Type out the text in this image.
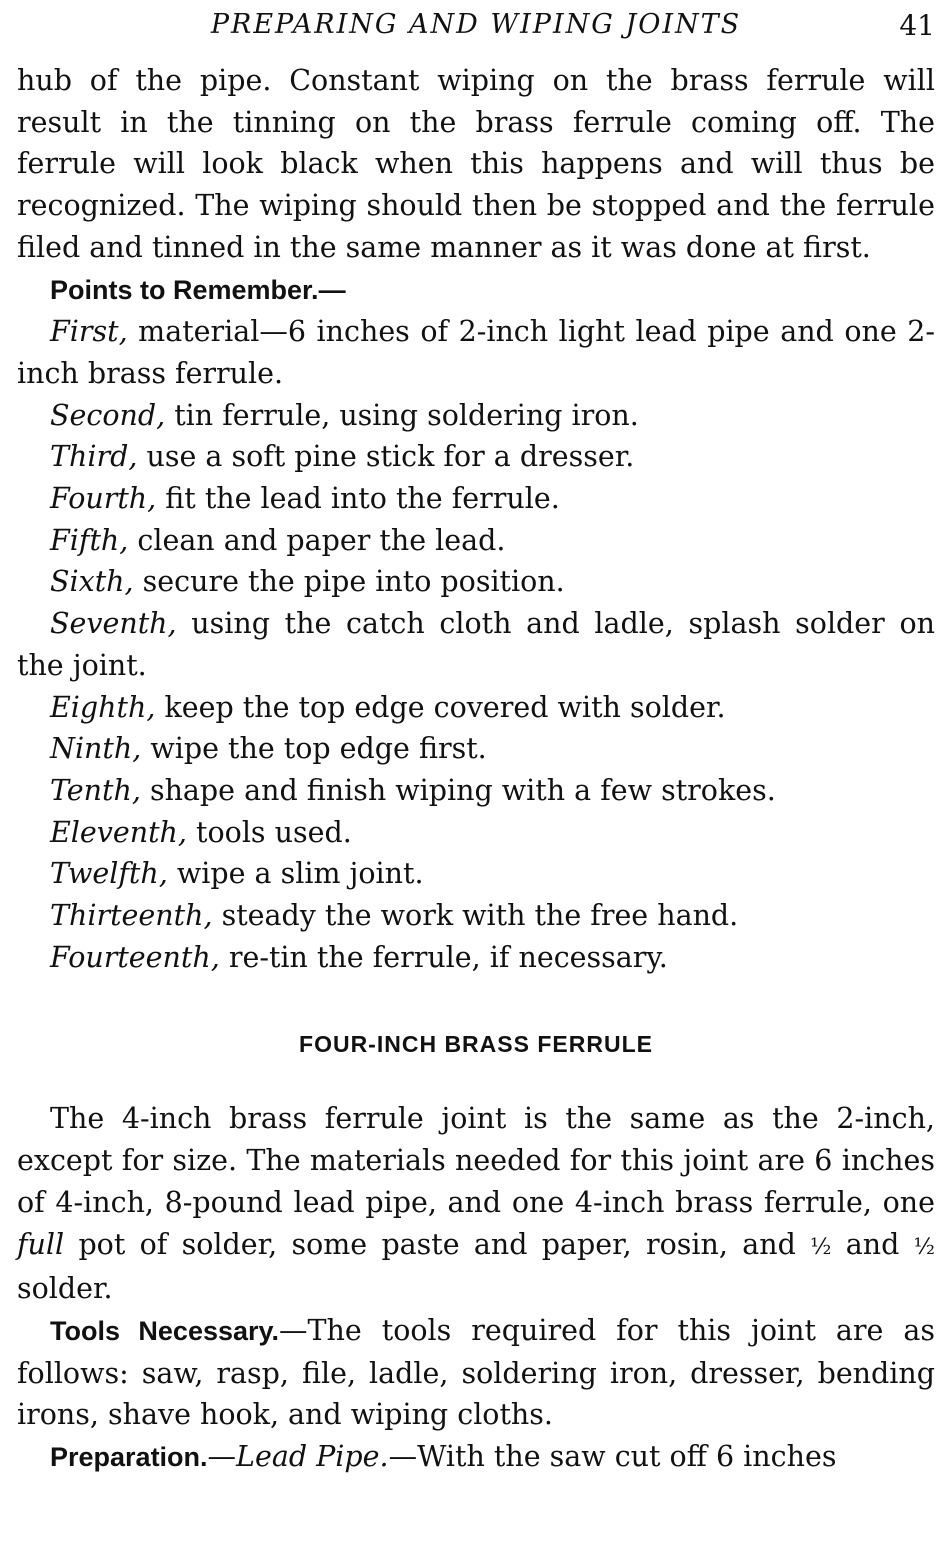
PREPARING AND WIPING JOINTS	41

hub of the pipe. Constant wiping on the brass ferrule will result in the tinning on the brass ferrule coming off. The ferrule will look black when this happens and will thus be recognized. The wiping should then be stopped and the ferrule filed and tinned in the same manner as it was done at first.

Points to Remember.—

First, material—6 inches of 2-inch light lead pipe and one 2-inch brass ferrule.

Second, tin ferrule, using soldering iron.

Third, use a soft pine stick for a dresser.

Fourth, fit the lead into the ferrule.

Fifth, clean and paper the lead.

Sixth, secure the pipe into position.

Seventh, using the catch cloth and ladle, splash solder on the joint.

Eighth, keep the top edge covered with solder.

Ninth, wipe the top edge first.

Tenth, shape and finish wiping with a few strokes.

Eleventh, tools used.

Twelfth, wipe a slim joint.

Thirteenth, steady the work with the free hand.

Fourteenth, re-tin the ferrule, if necessary.

FOUR-INCH BRASS FERRULE

The 4-inch brass ferrule joint is the same as the 2-inch, except for size. The materials needed for this joint are 6 inches of 4-inch, 8-pound lead pipe, and one 4-inch brass ferrule, one full pot of solder, some paste and paper, rosin, and ½ and ½ solder.

Tools Necessary.—The tools required for this joint are as follows: saw, rasp, file, ladle, soldering iron, dresser, bending irons, shave hook, and wiping cloths.

Preparation.—Lead Pipe.—With the saw cut off 6 inches
